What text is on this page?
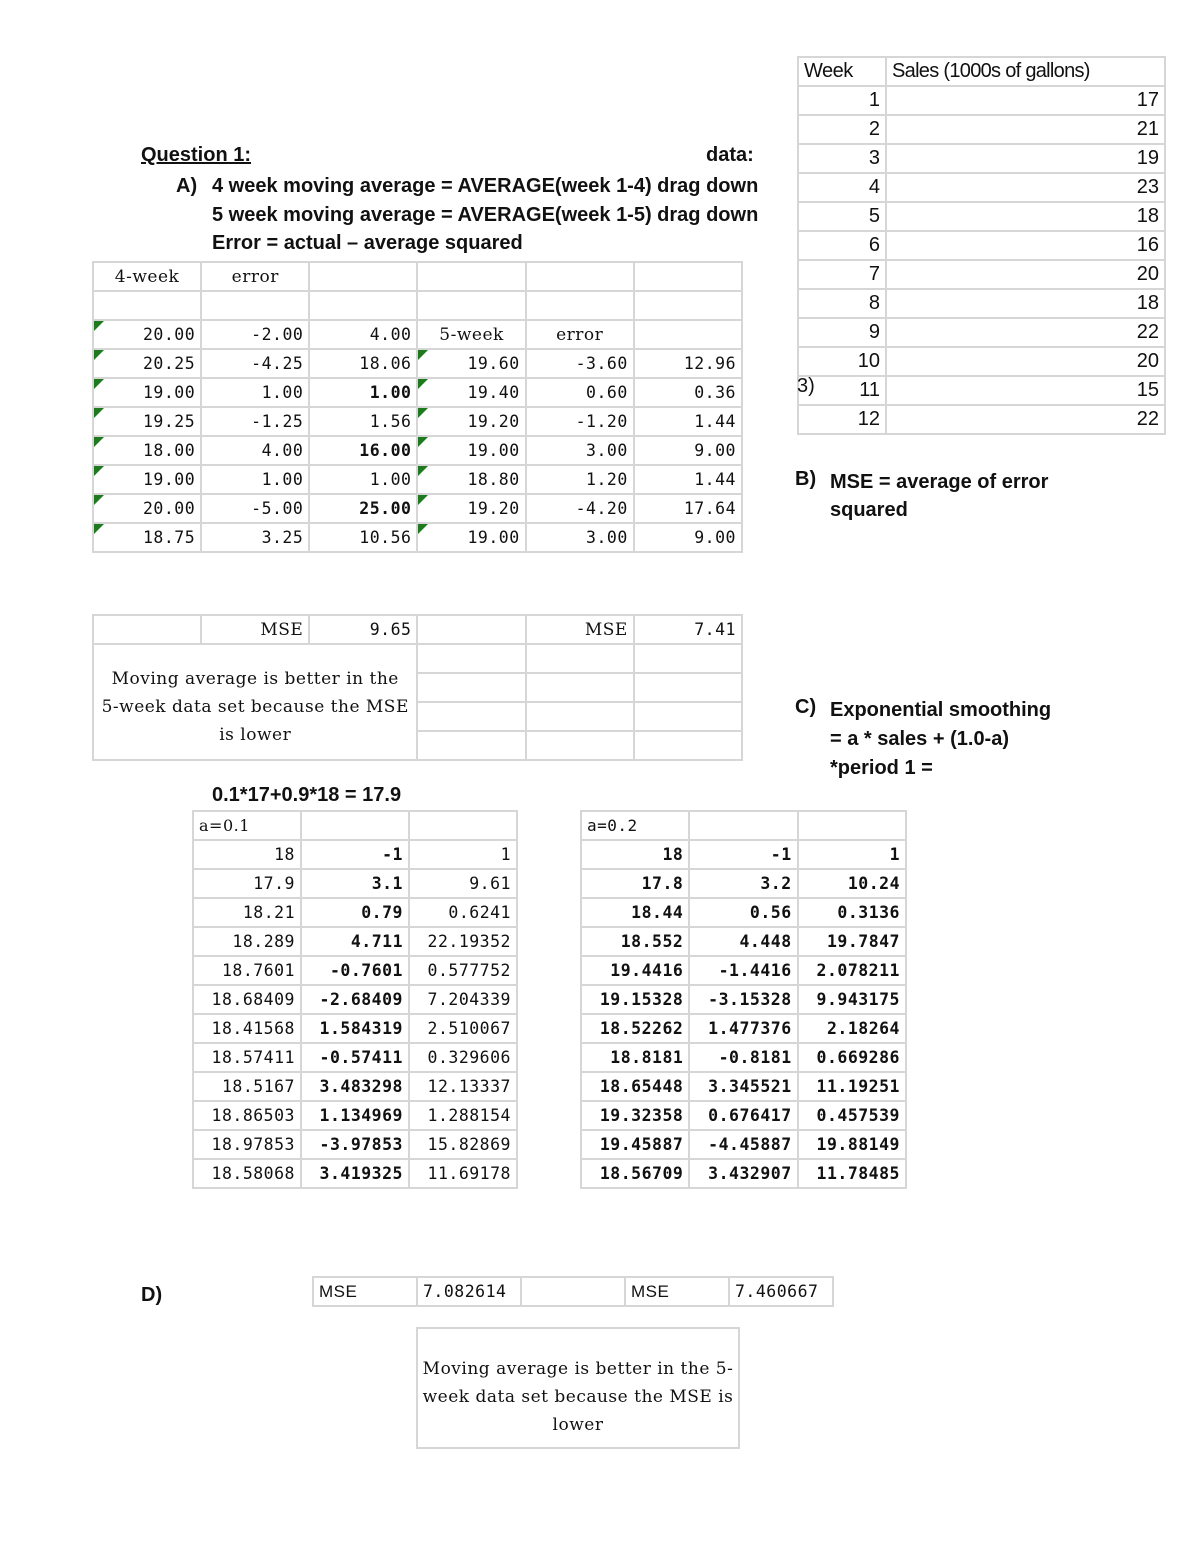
Question 1:	data:
A) 4 week moving average = AVERAGE(week 1-4) drag down
5 week moving average = AVERAGE(week 1-5) drag down
Error = actual – average squared
Week	Sales (1000s of gallons)
1	17
2	21
3	19
4	23
5	18
6	16
7	20
8	18
9	22
10	20
11	15
12	22
3)
B) MSE = average of error
squared
C) Exponential smoothing
= a * sales + (1.0-a)
*period 1 =
4-week	error				

20.00	-2.00	4.00	5-week	error	

20.25	-4.25	18.06	19.60	-3.60	12.96

19.00	1.00	1.00	19.40	0.60	0.36

19.25	-1.25	1.56	19.20	-1.20	1.44

18.00	4.00	16.00	19.00	3.00	9.00

19.00	1.00	1.00	18.80	1.20	1.44

20.00	-5.00	25.00	19.20	-4.20	17.64

18.75	3.25	10.56	19.00	3.00	9.00
	MSE	9.65		MSE	7.41

Moving average is better in the 5-week data set because the MSE is lower					

0.1*17+0.9*18 = 17.9
a=0.1		
18	-1	1
17.9	3.1	9.61
18.21	0.79	0.6241
18.289	4.711	22.19352
18.7601	-0.7601	0.577752
18.68409	-2.68409	7.204339
18.41568	1.584319	2.510067
18.57411	-0.57411	0.329606
18.5167	3.483298	12.13337
18.86503	1.134969	1.288154
18.97853	-3.97853	15.82869
18.58068	3.419325	11.69178
a=0.2		
18	-1	1
17.8	3.2	10.24
18.44	0.56	0.3136
18.552	4.448	19.7847
19.4416	-1.4416	2.078211
19.15328	-3.15328	9.943175
18.52262	1.477376	2.18264
18.8181	-0.8181	0.669286
18.65448	3.345521	11.19251
19.32358	0.676417	0.457539
19.45887	-4.45887	19.88149
18.56709	3.432907	11.78485
D)	MSE	7.082614		MSE	7.460667
Moving average is better in the 5-week data set because the MSE is lower
